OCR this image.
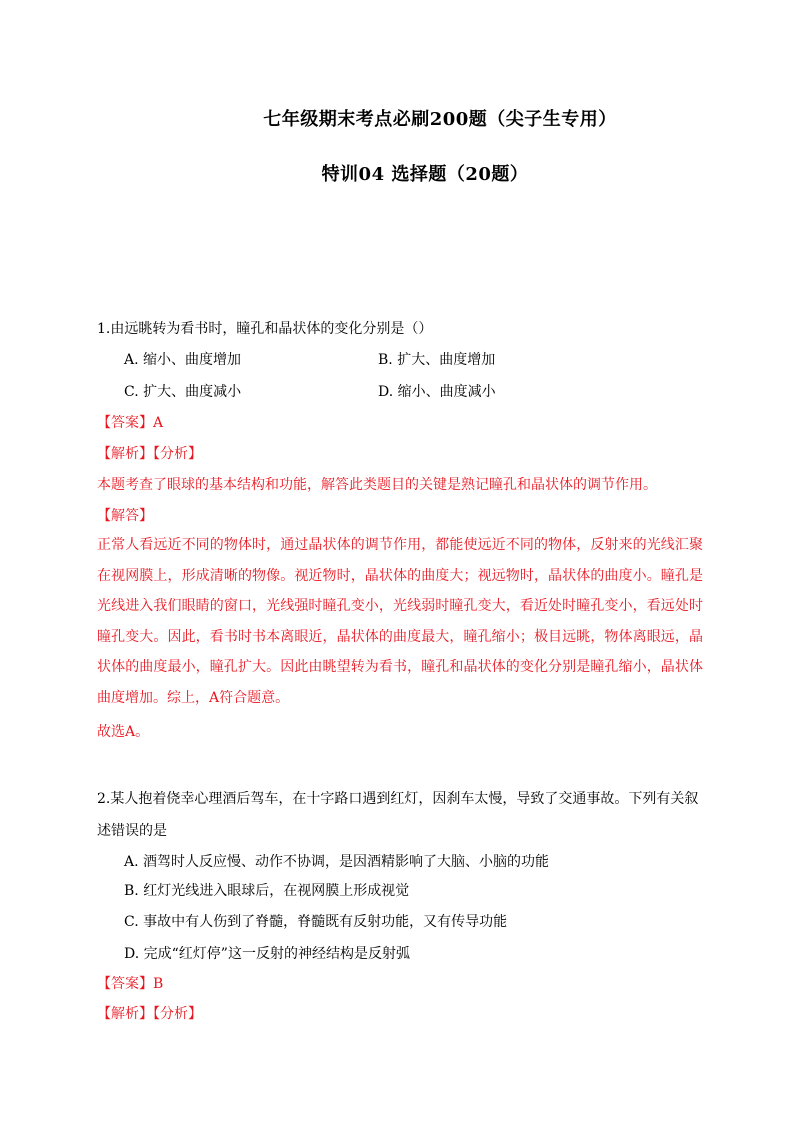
七年级期末考点必刷200题（尖子生专用）
特训04 选择题（20题）
1.由远眺转为看书时，瞳孔和晶状体的变化分别是（）
A. 缩小、曲度增加	B. 扩大、曲度增加
C. 扩大、曲度减小	D. 缩小、曲度减小
【答案】A
【解析】【分析】
本题考查了眼球的基本结构和功能，解答此类题目的关键是熟记瞳孔和晶状体的调节作用。
【解答】
正常人看远近不同的物体时，通过晶状体的调节作用，都能使远近不同的物体，反射来的光线汇聚在视网膜上，形成清晰的物像。视近物时，晶状体的曲度大；视远物时，晶状体的曲度小。瞳孔是光线进入我们眼睛的窗口，光线强时瞳孔变小，光线弱时瞳孔变大，看近处时瞳孔变小，看远处时瞳孔变大。因此，看书时书本离眼近，晶状体的曲度最大，瞳孔缩小；极目远眺，物体离眼远，晶状体的曲度最小，瞳孔扩大。因此由眺望转为看书，瞳孔和晶状体的变化分别是瞳孔缩小，晶状体曲度增加。综上，A符合题意。
故选A。
2.某人抱着侥幸心理酒后驾车，在十字路口遇到红灯，因刹车太慢，导致了交通事故。下列有关叙
述错误的是
A. 酒驾时人反应慢、动作不协调，是因酒精影响了大脑、小脑的功能
B. 红灯光线进入眼球后，在视网膜上形成视觉
C. 事故中有人伤到了脊髓，脊髓既有反射功能，又有传导功能
D. 完成“红灯停”这一反射的神经结构是反射弧
【答案】B
【解析】【分析】
